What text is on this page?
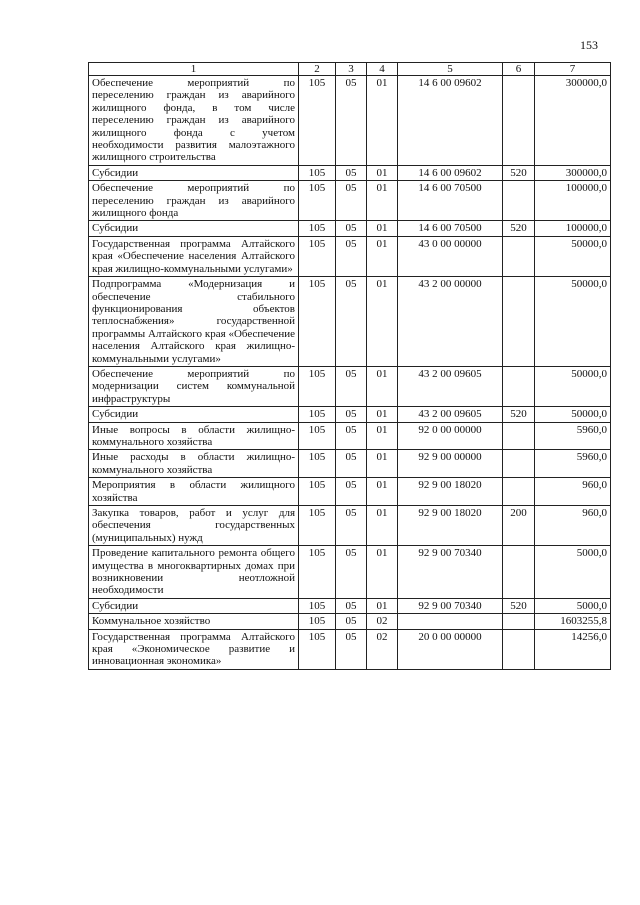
153
1	2	3	4	5	6	7
Обеспечение мероприятий по переселению граждан из аварийного жилищного фонда, в том числе переселению граждан из аварийного жилищного фонда с учетом необходимости развития малоэтажного жилищного строительства	105	05	01	14 6 00 09602		300000,0
Субсидии	105	05	01	14 6 00 09602	520	300000,0
Обеспечение мероприятий по переселению граждан из аварийного жилищного фонда	105	05	01	14 6 00 70500		100000,0
Субсидии	105	05	01	14 6 00 70500	520	100000,0
Государственная программа Алтайского края «Обеспечение населения Алтайского края жилищно-коммунальными услугами»	105	05	01	43 0 00 00000		50000,0
Подпрограмма «Модернизация и обеспечение стабильного функционирования объектов теплоснабжения» государственной программы Алтайского края «Обеспечение населения Алтайского края жилищно-коммунальными услугами»	105	05	01	43 2 00 00000		50000,0
Обеспечение мероприятий по модернизации систем коммунальной инфраструктуры	105	05	01	43 2 00 09605		50000,0
Субсидии	105	05	01	43 2 00 09605	520	50000,0
Иные вопросы в области жилищно-коммунального хозяйства	105	05	01	92 0 00 00000		5960,0
Иные расходы в области жилищно-коммунального хозяйства	105	05	01	92 9 00 00000		5960,0
Мероприятия в области жилищного хозяйства	105	05	01	92 9 00 18020		960,0
Закупка товаров, работ и услуг для обеспечения государственных (муниципальных) нужд	105	05	01	92 9 00 18020	200	960,0
Проведение капитального ремонта общего имущества в многоквартирных домах при возникновении неотложной необходимости	105	05	01	92 9 00 70340		5000,0
Субсидии	105	05	01	92 9 00 70340	520	5000,0
Коммунальное хозяйство	105	05	02			1603255,8
Государственная программа Алтайского края «Экономическое развитие и инновационная экономика»	105	05	02	20 0 00 00000		14256,0
